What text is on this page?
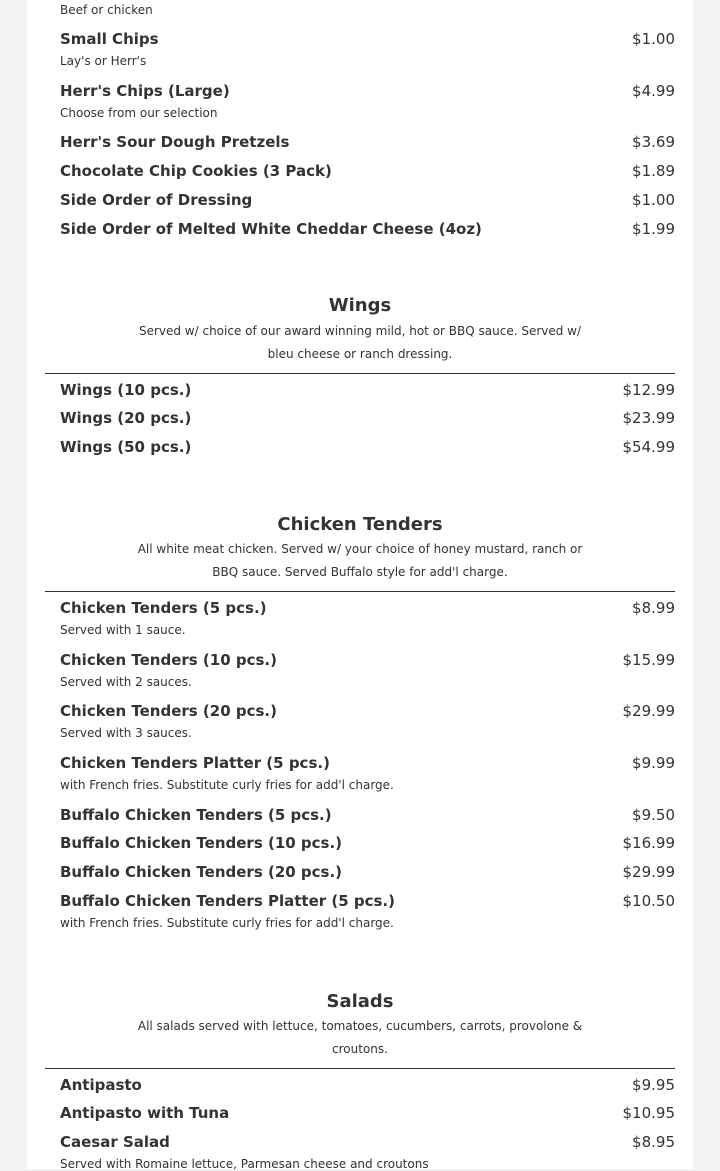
Beef or chicken
Small Chips	$1.00
Lay's or Herr's
Herr's Chips (Large)	$4.99
Choose from our selection
Herr's Sour Dough Pretzels	$3.69
Chocolate Chip Cookies (3 Pack)	$1.89
Side Order of Dressing	$1.00
Side Order of Melted White Cheddar Cheese (4oz)	$1.99
Wings
Served w/ choice of our award winning mild, hot or BBQ sauce. Served w/ bleu cheese or ranch dressing.
Wings (10 pcs.)	$12.99
Wings (20 pcs.)	$23.99
Wings (50 pcs.)	$54.99
Chicken Tenders
All white meat chicken. Served w/ your choice of honey mustard, ranch or BBQ sauce. Served Buffalo style for add'l charge.
Chicken Tenders (5 pcs.)	$8.99
Served with 1 sauce.
Chicken Tenders (10 pcs.)	$15.99
Served with 2 sauces.
Chicken Tenders (20 pcs.)	$29.99
Served with 3 sauces.
Chicken Tenders Platter (5 pcs.)	$9.99
with French fries. Substitute curly fries for add'l charge.
Buffalo Chicken Tenders (5 pcs.)	$9.50
Buffalo Chicken Tenders (10 pcs.)	$16.99
Buffalo Chicken Tenders (20 pcs.)	$29.99
Buffalo Chicken Tenders Platter (5 pcs.)	$10.50
with French fries. Substitute curly fries for add'l charge.
Salads
All salads served with lettuce, tomatoes, cucumbers, carrots, provolone & croutons.
Antipasto	$9.95
Antipasto with Tuna	$10.95
Caesar Salad	$8.95
Served with Romaine lettuce, Parmesan cheese and croutons
